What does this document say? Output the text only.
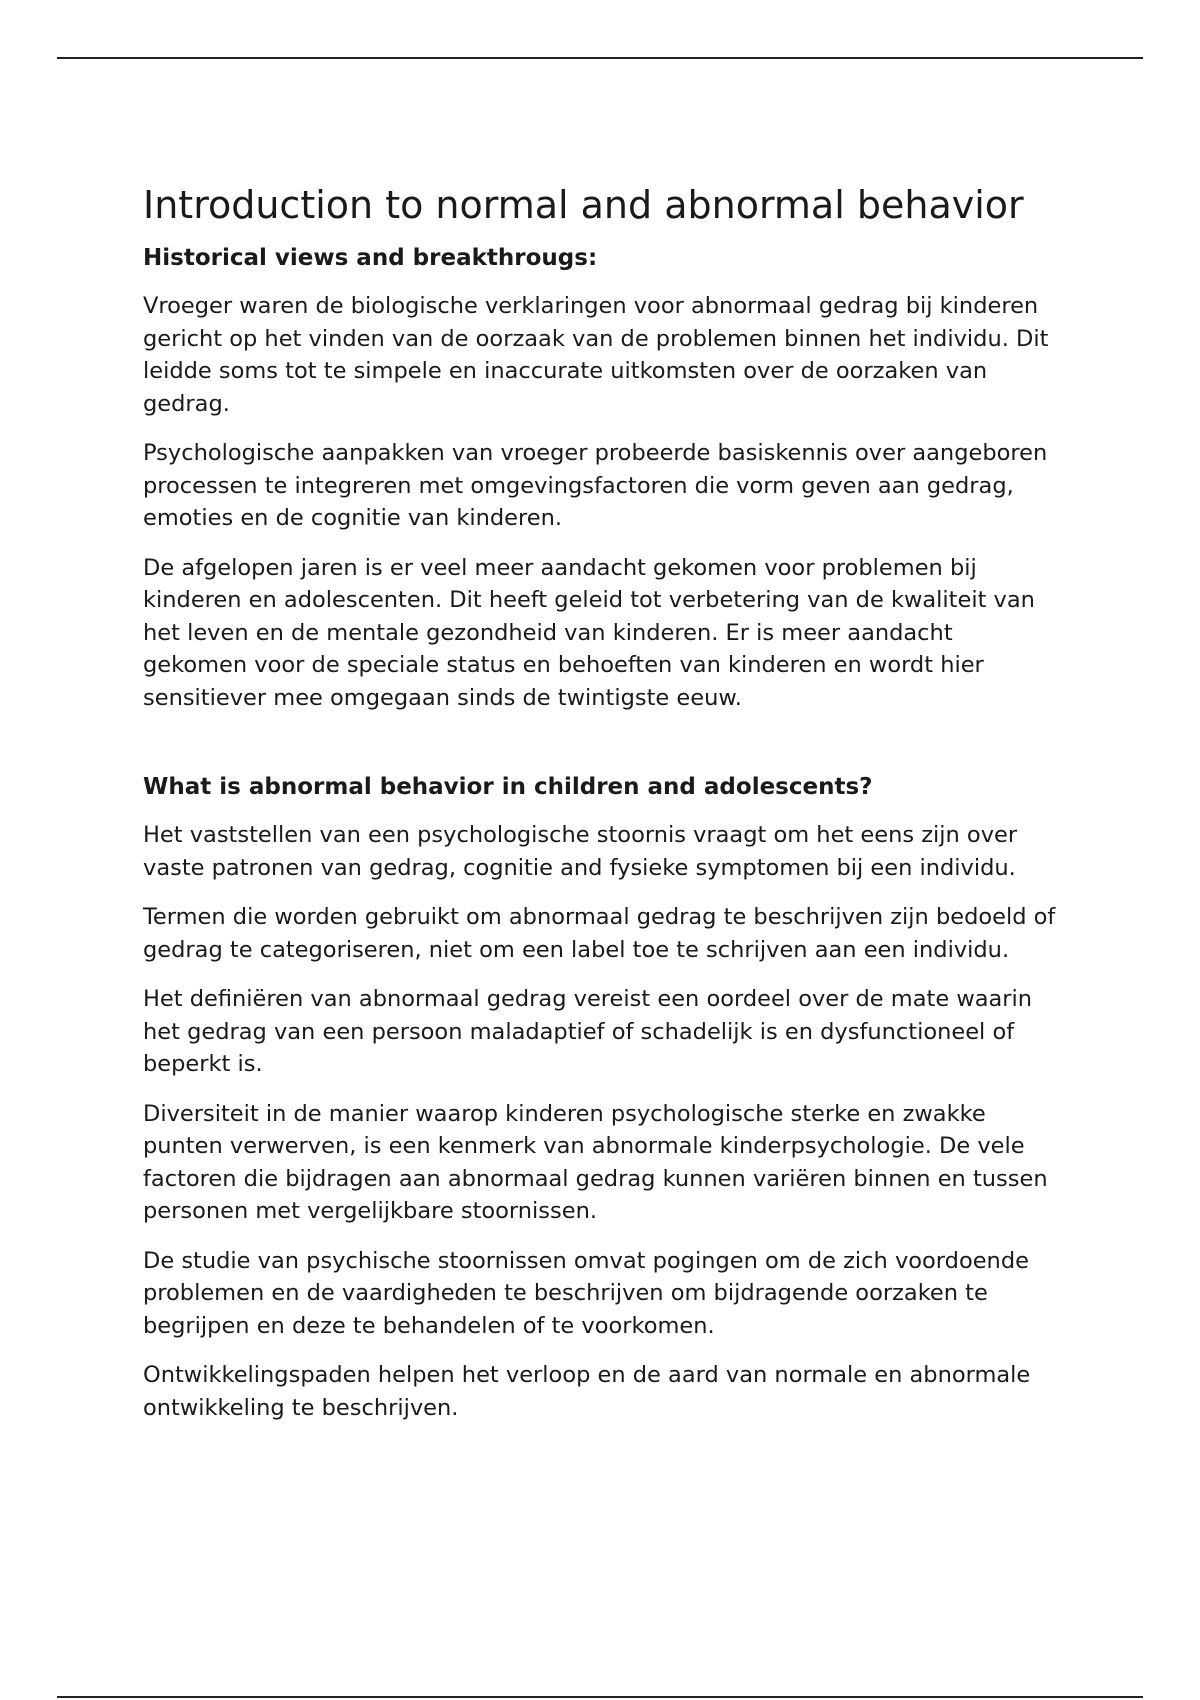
Introduction to normal and abnormal behavior
Historical views and breakthrougs:

Vroeger waren de biologische verklaringen voor abnormaal gedrag bij kinderen gericht op het vinden van de oorzaak van de problemen binnen het individu. Dit leidde soms tot te simpele en inaccurate uitkomsten over de oorzaken van gedrag.

Psychologische aanpakken van vroeger probeerde basiskennis over aangeboren processen te integreren met omgevingsfactoren die vorm geven aan gedrag, emoties en de cognitie van kinderen.

De afgelopen jaren is er veel meer aandacht gekomen voor problemen bij kinderen en adolescenten. Dit heeft geleid tot verbetering van de kwaliteit van het leven en de mentale gezondheid van kinderen. Er is meer aandacht gekomen voor de speciale status en behoeften van kinderen en wordt hier sensitiever mee omgegaan sinds de twintigste eeuw.

What is abnormal behavior in children and adolescents?

Het vaststellen van een psychologische stoornis vraagt om het eens zijn over vaste patronen van gedrag, cognitie and fysieke symptomen bij een individu.

Termen die worden gebruikt om abnormaal gedrag te beschrijven zijn bedoeld of gedrag te categoriseren, niet om een label toe te schrijven aan een individu.

Het definiëren van abnormaal gedrag vereist een oordeel over de mate waarin het gedrag van een persoon maladaptief of schadelijk is en dysfunctioneel of beperkt is.

Diversiteit in de manier waarop kinderen psychologische sterke en zwakke punten verwerven, is een kenmerk van abnormale kinderpsychologie. De vele factoren die bijdragen aan abnormaal gedrag kunnen variëren binnen en tussen personen met vergelijkbare stoornissen.

De studie van psychische stoornissen omvat pogingen om de zich voordoende problemen en de vaardigheden te beschrijven om bijdragende oorzaken te begrijpen en deze te behandelen of te voorkomen.

Ontwikkelingspaden helpen het verloop en de aard van normale en abnormale ontwikkeling te beschrijven.
